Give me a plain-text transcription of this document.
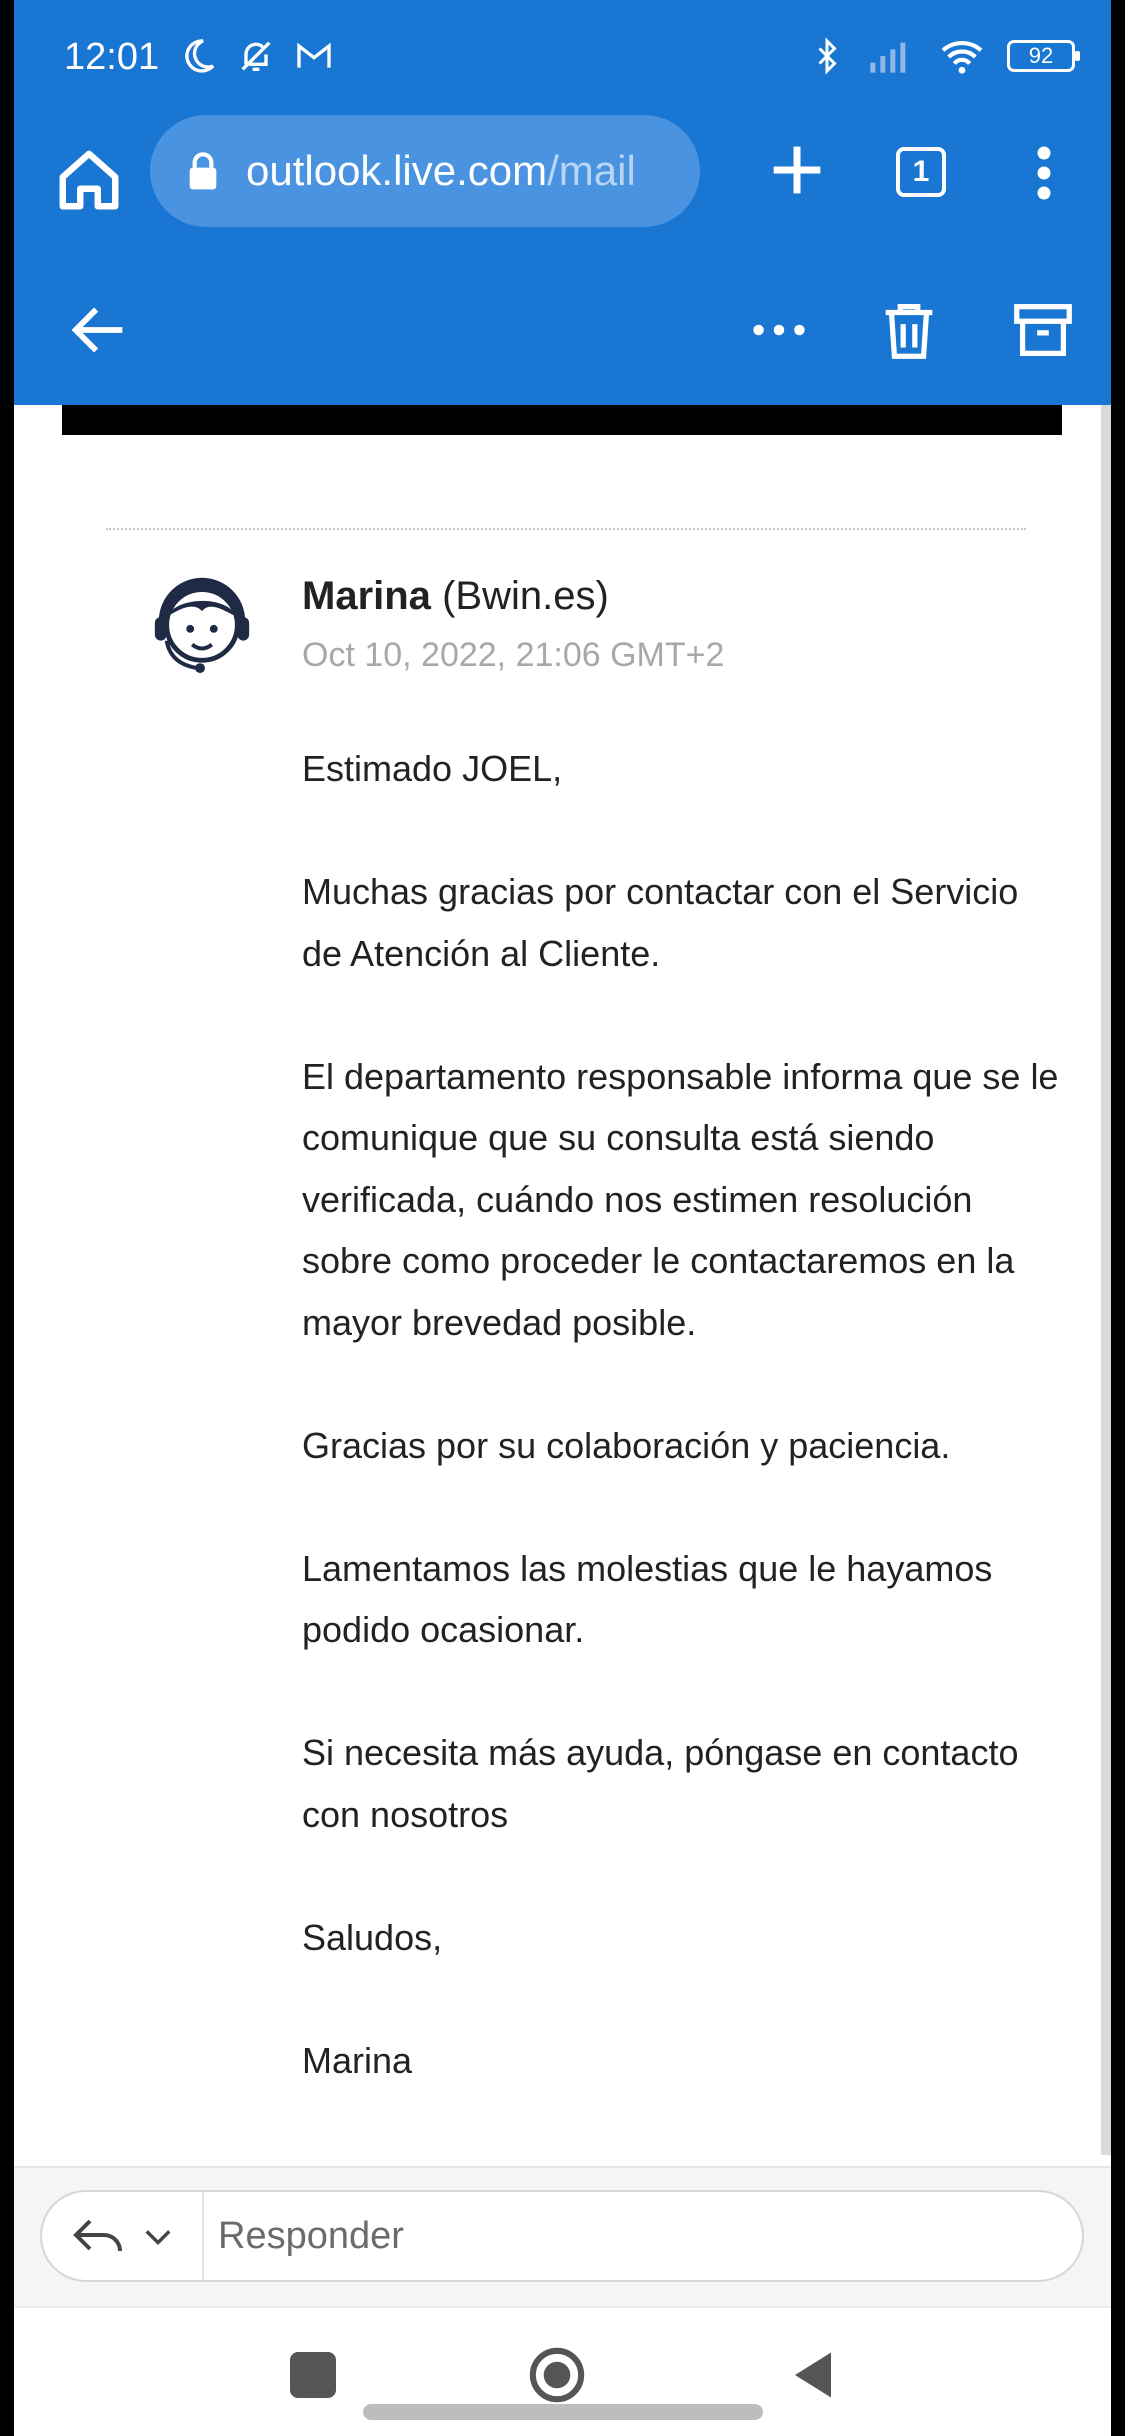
12:01	92
outlook.live.com/mail	1
Marina (Bwin.es)
Oct 10, 2022, 21:06 GMT+2

Estimado JOEL,

Muchas gracias por contactar con el Servicio de Atención al Cliente.

El departamento responsable informa que se le comunique que su consulta está siendo verificada, cuándo nos estimen resolución sobre como proceder le contactaremos en la mayor brevedad posible.

Gracias por su colaboración y paciencia.

Lamentamos las molestias que le hayamos podido ocasionar.

Si necesita más ayuda, póngase en contacto con nosotros

Saludos,

Marina

Responder
